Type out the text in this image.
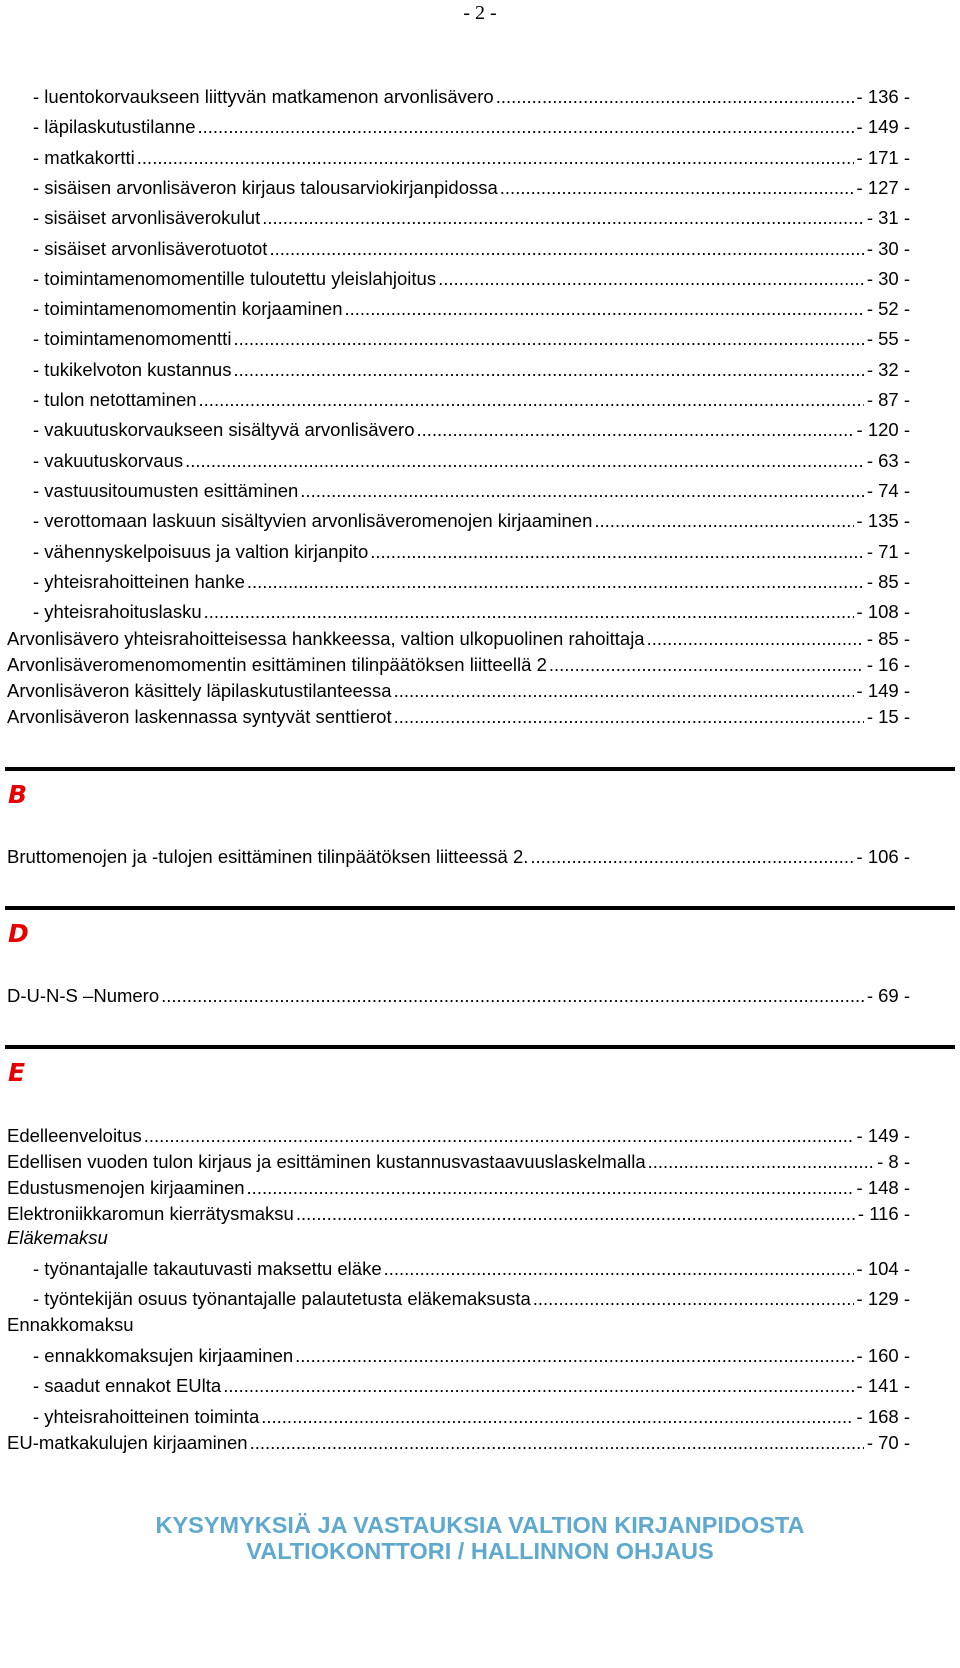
- 2 -
- luentokorvaukseen liittyvän matkamenon arvonlisävero .....	- 136 -
- läpilaskutustilanne .....	- 149 -
- matkakortti .....	- 171 -
- sisäisen arvonlisäveron kirjaus talousarviokirjanpidossa .....	- 127 -
- sisäiset arvonlisäverokulut .....	- 31 -
- sisäiset arvonlisäverotuotot .....	- 30 -
- toimintamenomomentille tuloutettu yleislahjoitus .....	- 30 -
- toimintamenomomentin korjaaminen .....	- 52 -
- toimintamenomomentti .....	- 55 -
- tukikelvoton kustannus .....	- 32 -
- tulon netottaminen .....	- 87 -
- vakuutuskorvaukseen sisältyvä arvonlisävero .....	- 120 -
- vakuutuskorvaus .....	- 63 -
- vastuusitoumusten esittäminen .....	- 74 -
- verottomaan laskuun sisältyvien arvonlisäveromenojen kirjaaminen .....	- 135 -
- vähennyskelpoisuus ja valtion kirjanpito .....	- 71 -
- yhteisrahoitteinen hanke .....	- 85 -
- yhteisrahoituslasku .....	- 108 -
Arvonlisävero yhteisrahoitteisessa hankkeessa, valtion ulkopuolinen rahoittaja .....	- 85 -
Arvonlisäveromenomomentin esittäminen tilinpäätöksen liitteellä 2 .....	- 16 -
Arvonlisäveron käsittely läpilaskutustilanteessa .....	- 149 -
Arvonlisäveron laskennassa syntyvät senttierot .....	- 15 -
Bruttomenojen ja -tulojen esittäminen tilinpäätöksen liitteessä 2. .....	- 106 -
D-U-N-S –Numero .....	- 69 -
Edelleenveloitus .....	- 149 -
Edellisen vuoden tulon kirjaus ja esittäminen kustannusvastaavuuslaskelmalla .....	- 8 -
Edustusmenojen kirjaaminen .....	- 148 -
Elektroniikkaromun kierrätysmaksu .....	- 116 -
Eläkemaksu
- työnantajalle takautuvasti maksettu eläke .....	- 104 -
- työntekijän osuus työnantajalle palautetusta eläkemaksusta .....	- 129 -
Ennakkomaksu
- ennakkomaksujen kirjaaminen .....	- 160 -
- saadut ennakot EUlta .....	- 141 -
- yhteisrahoitteinen toiminta .....	- 168 -
EU-matkakulujen kirjaaminen .....	- 70 -
B
D
E
KYSYMYKSIÄ JA VASTAUKSIA VALTION KIRJANPIDOSTA
VALTIOKONTTORI / HALLINNON OHJAUS
